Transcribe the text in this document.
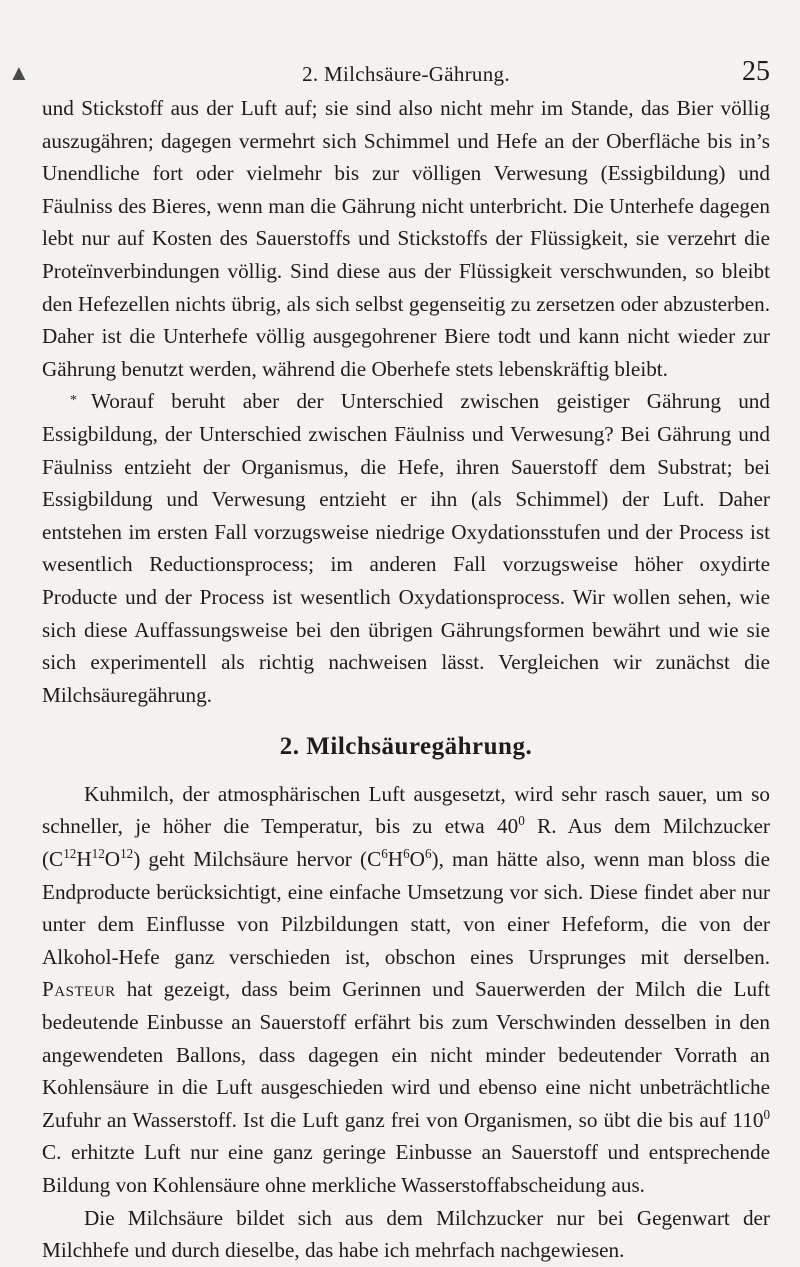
▲	2. Milchsäure-Gährung.	25

und Stickstoff aus der Luft auf; sie sind also nicht mehr im Stande, das Bier völlig auszugähren; dagegen vermehrt sich Schimmel und Hefe an der Oberfläche bis in’s Unendliche fort oder vielmehr bis zur völligen Verwesung (Essigbildung) und Fäulniss des Bieres, wenn man die Gährung nicht unterbricht. Die Unterhefe dagegen lebt nur auf Kosten des Sauerstoffs und Stickstoffs der Flüssigkeit, sie verzehrt die Proteïnverbindungen völlig. Sind diese aus der Flüssigkeit verschwunden, so bleibt den Hefezellen nichts übrig, als sich selbst gegenseitig zu zersetzen oder abzusterben. Daher ist die Unterhefe völlig ausgegohrener Biere todt und kann nicht wieder zur Gährung benutzt werden, während die Oberhefe stets lebenskräftig bleibt.

* Worauf beruht aber der Unterschied zwischen geistiger Gährung und Essigbildung, der Unterschied zwischen Fäulniss und Verwesung? Bei Gährung und Fäulniss entzieht der Organismus, die Hefe, ihren Sauerstoff dem Substrat; bei Essigbildung und Verwesung entzieht er ihn (als Schimmel) der Luft. Daher entstehen im ersten Fall vorzugsweise niedrige Oxydationsstufen und der Process ist wesentlich Reductionsprocess; im anderen Fall vorzugsweise höher oxydirte Producte und der Process ist wesentlich Oxydationsprocess. Wir wollen sehen, wie sich diese Auffassungsweise bei den übrigen Gährungsformen bewährt und wie sie sich experimentell als richtig nachweisen lässt. Vergleichen wir zunächst die Milchsäuregährung.

2. Milchsäuregährung.

Kuhmilch, der atmosphärischen Luft ausgesetzt, wird sehr rasch sauer, um so schneller, je höher die Temperatur, bis zu etwa $40^0$ R. Aus dem Milchzucker $(C^{12}H^{12}O^{12})$ geht Milchsäure hervor $(C^6H^6O^6)$, man hätte also, wenn man bloss die Endproducte berücksichtigt, eine einfache Umsetzung vor sich. Diese findet aber nur unter dem Einflusse von Pilzbildungen statt, von einer Hefeform, die von der Alkohol-Hefe ganz verschieden ist, obschon eines Ursprunges mit derselben. Pasteur hat gezeigt, dass beim Gerinnen und Sauerwerden der Milch die Luft bedeutende Einbusse an Sauerstoff erfährt bis zum Verschwinden desselben in den angewendeten Ballons, dass dagegen ein nicht minder bedeutender Vorrath an Kohlensäure in die Luft ausgeschieden wird und ebenso eine nicht unbeträchtliche Zufuhr an Wasserstoff. Ist die Luft ganz frei von Organismen, so übt die bis auf $110^0$ C. erhitzte Luft nur eine ganz geringe Einbusse an Sauerstoff und entsprechende Bildung von Kohlensäure ohne merkliche Wasserstoffabscheidung aus.

Die Milchsäure bildet sich aus dem Milchzucker nur bei Gegenwart der Milchhefe und durch dieselbe, das habe ich mehrfach nachgewiesen.
